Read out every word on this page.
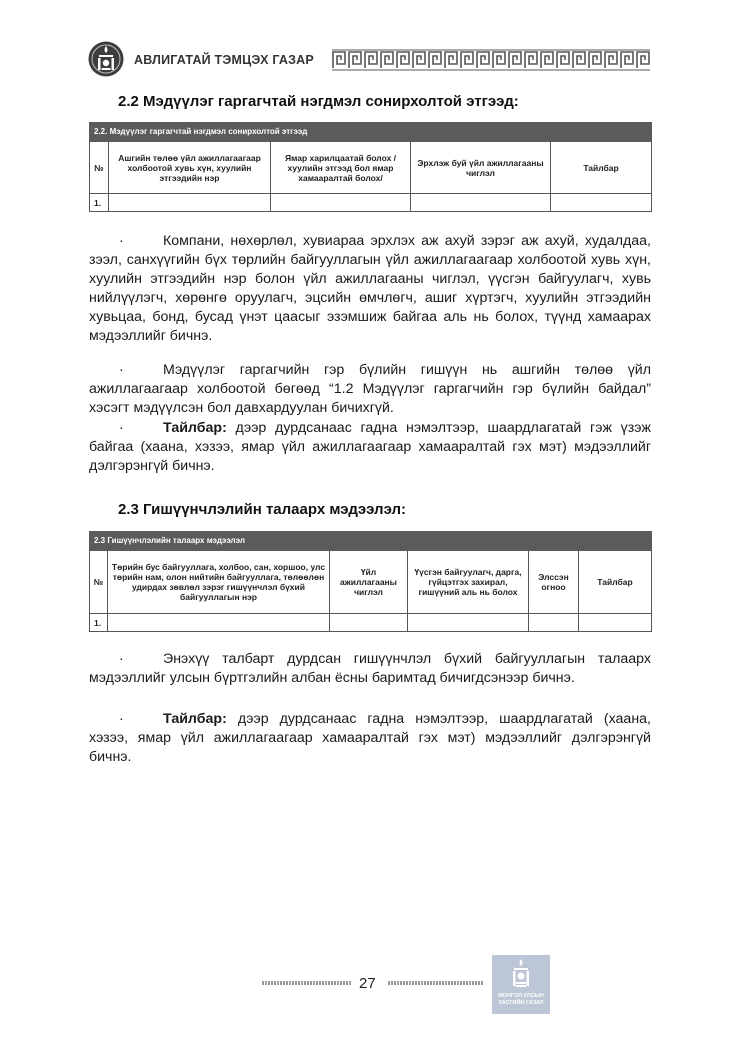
АВЛИГАТАЙ ТЭМЦЭХ ГАЗАР
2.2 Мэдүүлэг гаргагчтай нэгдмэл сонирхолтой этгээд:
2.2. Мэдүүлэг гаргагчтай нэгдмэл сонирхолтой этгээд				
№	Ашгийн төлөө үйл ажиллагаагаар холбоотой хувь хүн, хуулийн этгээдийн нэр	Ямар харилцаатай болох /хуулийн этгээд бол ямар хамааралтай болох/	Эрхлэж буй үйл ажиллагааны чиглэл	Тайлбар
1.				
·	Компани, нөхөрлөл, хувиараа эрхлэх аж ахуй зэрэг аж ахуй, худалдаа, зээл, санхүүгийн бүх төрлийн байгууллагын үйл ажиллагаагаар холбоотой хувь хүн, хуулийн этгээдийн нэр болон үйл ажиллагааны чиглэл, үүсгэн байгуулагч, хувь нийлүүлэгч, хөрөнгө оруулагч, эцсийн өмчлөгч, ашиг хүртэгч, хуулийн этгээдийн хувьцаа, бонд, бусад үнэт цаасыг эзэмшиж байгаа аль нь болох, түүнд хамаарах мэдээллийг бичнэ.
·	Мэдүүлэг гаргагчийн гэр бүлийн гишүүн нь ашгийн төлөө үйл ажиллагаагаар холбоотой бөгөөд “1.2 Мэдүүлэг гаргагчийн гэр бүлийн байдал” хэсэгт мэдүүлсэн бол давхардуулан бичихгүй.
·	Тайлбар: дээр дурдсанаас гадна нэмэлтээр, шаардлагатай гэж үзэж байгаа (хаана, хэзээ, ямар үйл ажиллагаагаар хамааралтай гэх мэт) мэдээллийг дэлгэрэнгүй бичнэ.
2.3 Гишүүнчлэлийн талаарх мэдээлэл:
2.3 Гишүүнчлэлийн талаарх мэдээлэл					
№	Төрийн бус байгууллага, холбоо, сан, хоршоо, улс төрийн нам, олон нийтийн байгууллага, төлөөлөн удирдах зөвлөл зэрэг гишүүнчлэл бүхий байгууллагын нэр	Үйл ажиллагааны чиглэл	Үүсгэн байгуулагч, дарга, гүйцэтгэх захирал, гишүүний аль нь болох	Элссэн огноо	Тайлбар
1.					
·	Энэхүү талбарт дурдсан гишүүнчлэл бүхий байгууллагын талаарх мэдээллийг улсын бүртгэлийн албан ёсны баримтад бичигдсэнээр бичнэ.
·	Тайлбар: дээр дурдсанаас гадна нэмэлтээр, шаардлагатай (хаана, хэзээ, ямар үйл ажиллагаагаар хамааралтай гэх мэт) мэдээллийг дэлгэрэнгүй бичнэ.
27
МОНГОЛ УЛСЫН
ЗАСГИЙН ГАЗАР
